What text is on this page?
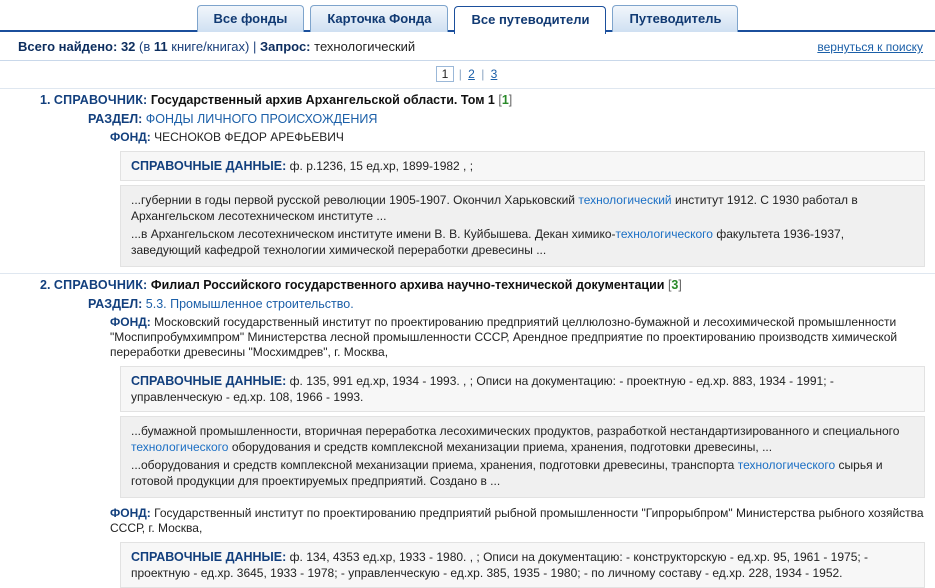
Все фонды	Карточка Фонда	Все путеводители	Путеводитель
Всего найдено: 32 (в 11 книге/книгах) | Запрос: технологический	вернуться к поиску
1 | 2 | 3
1. СПРАВОЧНИК: Государственный архив Архангельской области. Том 1 [1]
РАЗДЕЛ: ФОНДЫ ЛИЧНОГО ПРОИСХОЖДЕНИЯ
ФОНД: ЧЕСНОКОВ ФЕДОР АРЕФЬЕВИЧ
СПРАВОЧНЫЕ ДАННЫЕ: ф. р.1236, 15 ед.хр, 1899-1982 , ;

...губернии в годы первой русской революции 1905-1907. Окончил Харьковский технологический институт 1912. С 1930 работал в Архангельском лесотехническом институте ...

...в Архангельском лесотехническом институте имени В. В. Куйбышева. Декан химико-технологического факультета 1936-1937, заведующий кафедрой технологии химической переработки древесины ...

2. СПРАВОЧНИК: Филиал Российского государственного архива научно-технической документации [3]
РАЗДЕЛ: 5.3. Промышленное строительство.
ФОНД: Московский государственный институт по проектированию предприятий целлюлозно-бумажной и лесохимической промышленности "Моспипробумхимпром" Министерства лесной промышленности СССР, Арендное предприятие по проектированию производств химической переработки древесины "Мосхимдрев", г. Москва,
СПРАВОЧНЫЕ ДАННЫЕ: ф. 135, 991 ед.хр, 1934 - 1993. , ; Описи на документацию: - проектную - ед.хр. 883, 1934 - 1991; - управленческую - ед.хр. 108, 1966 - 1993.

...бумажной промышленности, вторичная переработка лесохимических продуктов, разработкой нестандартизированного и специального технологического оборудования и средств комплексной механизации приема, хранения, подготовки древесины, ...

...оборудования и средств комплексной механизации приема, хранения, подготовки древесины, транспорта технологического сырья и готовой продукции для проектируемых предприятий. Создано в ...

ФОНД: Государственный институт по проектированию предприятий рыбной промышленности "Гипрорыбпром" Министерства рыбного хозяйства СССР, г. Москва,
СПРАВОЧНЫЕ ДАННЫЕ: ф. 134, 4353 ед.хр, 1933 - 1980. , ; Описи на документацию: - конструкторскую - ед.хр. 95, 1961 - 1975; - проектную - ед.хр. 3645, 1933 - 1978; - управленческую - ед.хр. 385, 1935 - 1980; - по личному составу - ед.хр. 228, 1934 - 1952.
